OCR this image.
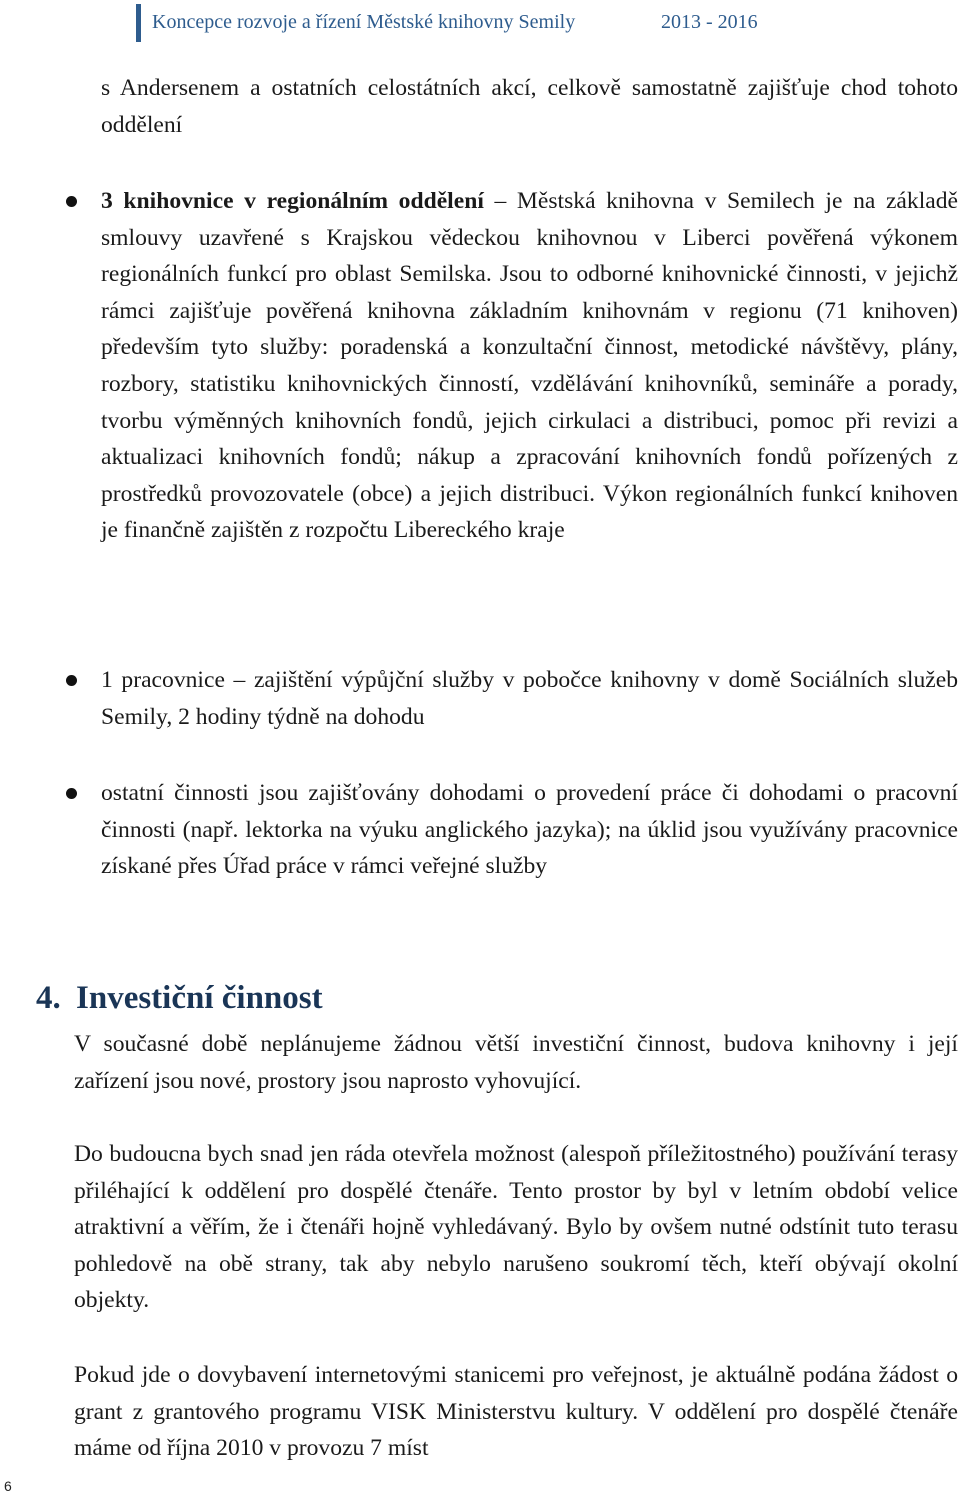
Koncepce rozvoje a řízení Městské knihovny Semily	2013 - 2016

s Andersenem a ostatních celostátních akcí, celkově samostatně zajišťuje chod tohoto oddělení

3 knihovnice v regionálním oddělení – Městská knihovna v Semilech je na základě smlouvy uzavřené s Krajskou vědeckou knihovnou v Liberci pověřená výkonem regionálních funkcí pro oblast Semilska. Jsou to odborné knihovnické činnosti, v jejichž rámci zajišťuje pověřená knihovna základním knihovnám v regionu (71 knihoven) především tyto služby: poradenská a konzultační činnost, metodické návštěvy, plány, rozbory, statistiku knihovnických činností, vzdělávání knihovníků, semináře a porady, tvorbu výměnných knihovních fondů, jejich cirkulaci a distribuci, pomoc při revizi a aktualizaci knihovních fondů; nákup a zpracování knihovních fondů pořízených z prostředků provozovatele (obce) a jejich distribuci. Výkon regionálních funkcí knihoven je finančně zajištěn z rozpočtu Libereckého kraje

1 pracovnice – zajištění výpůjční služby v pobočce knihovny v domě Sociálních služeb Semily, 2 hodiny týdně na dohodu

ostatní činnosti jsou zajišťovány dohodami o provedení práce či dohodami o pracovní činnosti (např. lektorka na výuku anglického jazyka); na úklid jsou využívány pracovnice získané přes Úřad práce v rámci veřejné služby

4. Investiční činnost

V současné době neplánujeme žádnou větší investiční činnost, budova knihovny i její zařízení jsou nové, prostory jsou naprosto vyhovující.

Do budoucna bych snad jen ráda otevřela možnost (alespoň příležitostného) používání terasy přiléhající k oddělení pro dospělé čtenáře. Tento prostor by byl v letním období velice atraktivní a věřím, že i čtenáři hojně vyhledávaný. Bylo by ovšem nutné odstínit tuto terasu pohledově na obě strany, tak aby nebylo narušeno soukromí těch, kteří obývají okolní objekty.

Pokud jde o dovybavení internetovými stanicemi pro veřejnost, je aktuálně podána žádost o grant z grantového programu VISK Ministerstvu kultury. V oddělení pro dospělé čtenáře máme od října 2010 v provozu 7 míst

6
